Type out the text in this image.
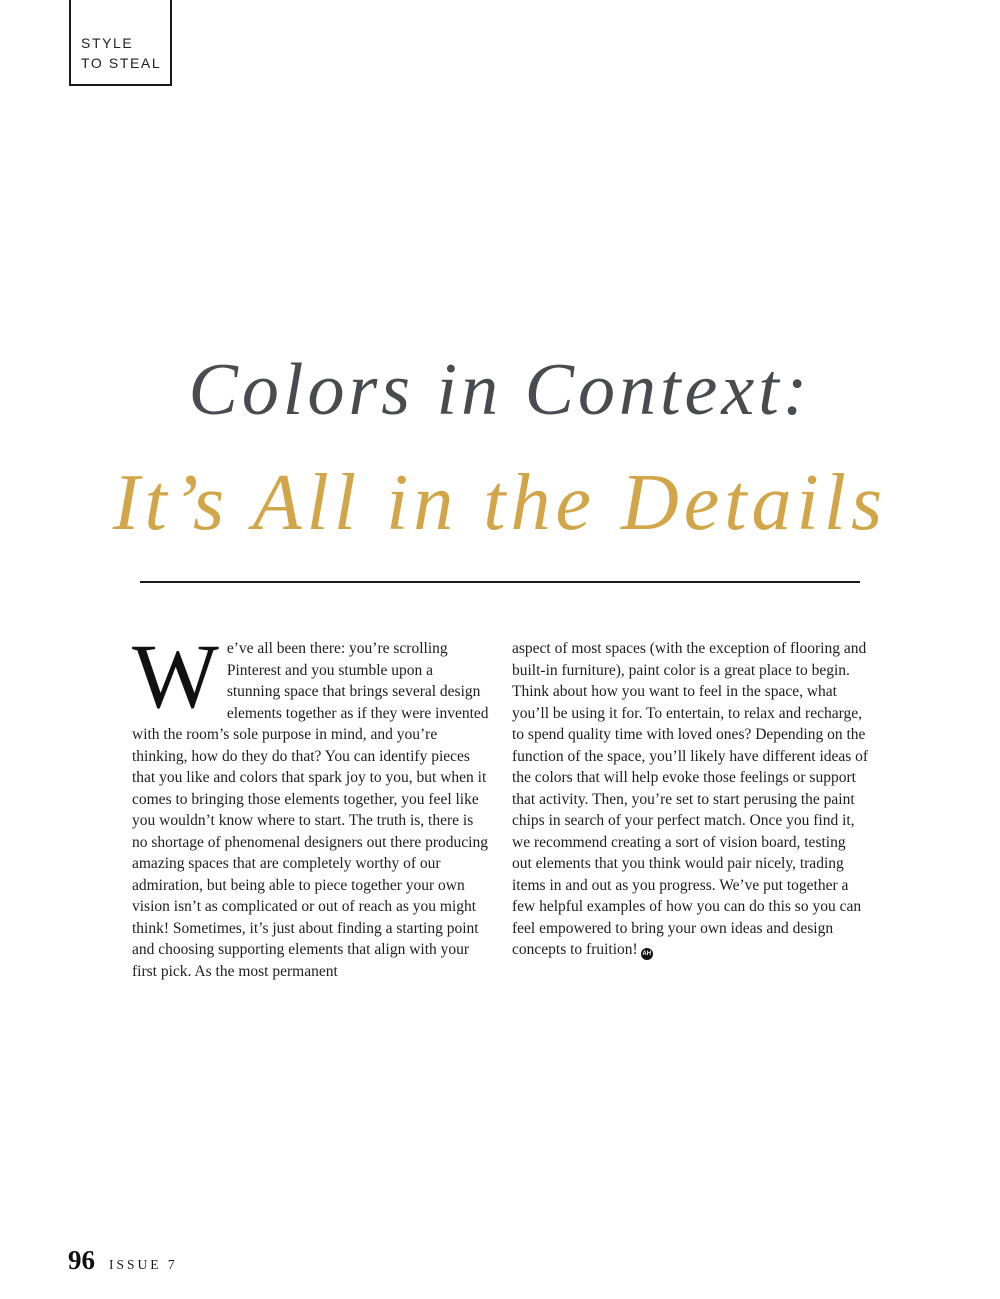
STYLE
TO STEAL
Colors in Context:
It’s All in the Details
We’ve all been there: you’re scrolling Pinterest and you stumble upon a stunning space that brings several design elements together as if they were invented with the room’s sole purpose in mind, and you’re thinking, how do they do that? You can identify pieces that you like and colors that spark joy to you, but when it comes to bringing those elements together, you feel like you wouldn’t know where to start. The truth is, there is no shortage of phenomenal designers out there producing amazing spaces that are completely worthy of our admiration, but being able to piece together your own vision isn’t as complicated or out of reach as you might think! Sometimes, it’s just about finding a starting point and choosing supporting elements that align with your first pick. As the most permanent
aspect of most spaces (with the exception of flooring and built-in furniture), paint color is a great place to begin. Think about how you want to feel in the space, what you’ll be using it for. To entertain, to relax and recharge, to spend quality time with loved ones? Depending on the function of the space, you’ll likely have different ideas of the colors that will help evoke those feelings or support that activity. Then, you’re set to start perusing the paint chips in search of your perfect match. Once you find it, we recommend creating a sort of vision board, testing out elements that you think would pair nicely, trading items in and out as you progress. We’ve put together a few helpful examples of how you can do this so you can feel empowered to bring your own ideas and design concepts to fruition! AH
96 ISSUE 7
